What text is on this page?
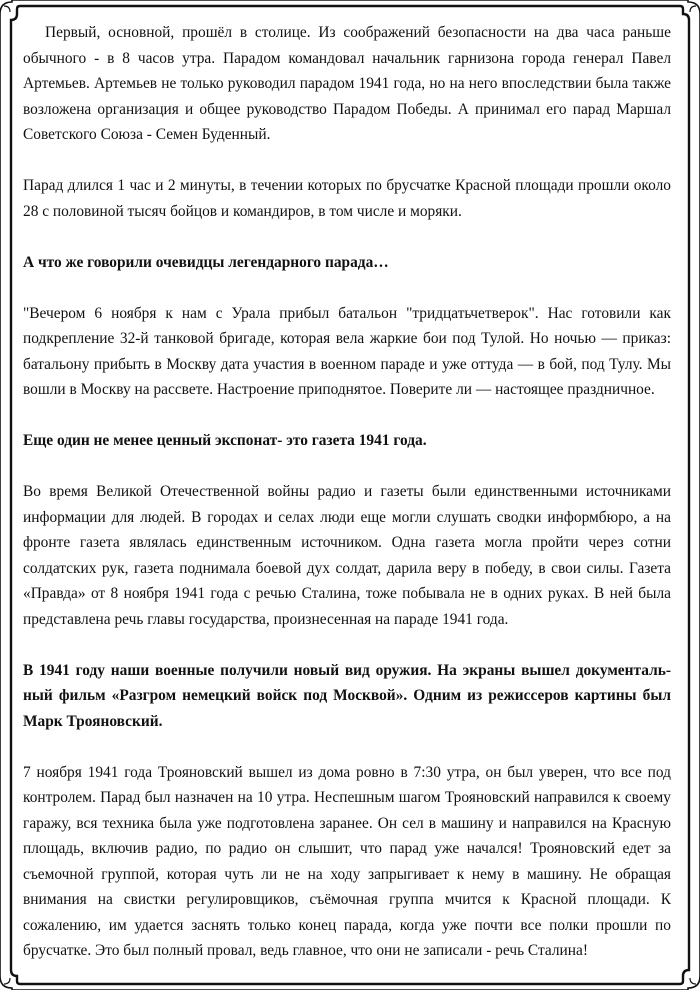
Первый, основной, прошёл в столице. Из соображений безопасности на два часа раньше обычного - в 8 часов утра. Парадом командовал начальник гарнизона города генерал Павел Артемьев. Артемьев не только руководил парадом 1941 года, но на него впоследствии была также возложена организация и общее руководство Парадом Победы. А принимал его парад Маршал Советского Союза - Семен Буденный.

Парад длился 1 час и 2 минуты, в течении которых по брусчатке Красной площади прошли около 28 с половиной тысяч бойцов и командиров, в том числе и моряки.

А что же говорили очевидцы легендарного парада…

"Вечером 6 ноября к нам с Урала прибыл батальон "тридцатьчетверок". Нас готовили как подкрепление 32-й танковой бригаде, которая вела жаркие бои под Тулой. Но ночью — приказ: батальону прибыть в Москву дата участия в военном параде и уже оттуда — в бой, под Тулу. Мы вошли в Москву на рассвете. Настроение приподнятое. Поверите ли — настоящее праздничное.

Еще один не менее ценный экспонат- это газета 1941 года.

Во время Великой Отечественной войны радио и газеты были единственными источниками информации для людей. В городах и селах люди еще могли слушать сводки информбюро, а на фронте газета являлась единственным источником. Одна газета могла пройти через сотни солдатских рук, газета поднимала боевой дух солдат, дарила веру в победу, в свои силы. Газета «Правда» от 8 ноября 1941 года с речью Сталина, тоже побывала не в одних руках. В ней была представлена речь главы государства, произнесенная на параде 1941 года.

В 1941 году наши военные получили новый вид оружия. На экраны вышел документальный фильм «Разгром немецкий войск под Москвой». Одним из режиссеров картины был Марк Трояновский.

7 ноября 1941 года Трояновский вышел из дома ровно в 7:30 утра, он был уверен, что все под контролем. Парад был назначен на 10 утра. Неспешным шагом Трояновский направился к своему гаражу, вся техника была уже подготовлена заранее. Он сел в машину и направился на Красную площадь, включив радио, по радио он слышит, что парад уже начался! Трояновский едет за съемочной группой, которая чуть ли не на ходу запрыгивает к нему в машину. Не обращая внимания на свистки регулировщиков, съёмочная группа мчится к Красной площади. К сожалению, им удается заснять только конец парада, когда уже почти все полки прошли по брусчатке. Это был полный провал, ведь главное, что они не записали - речь Сталина!
